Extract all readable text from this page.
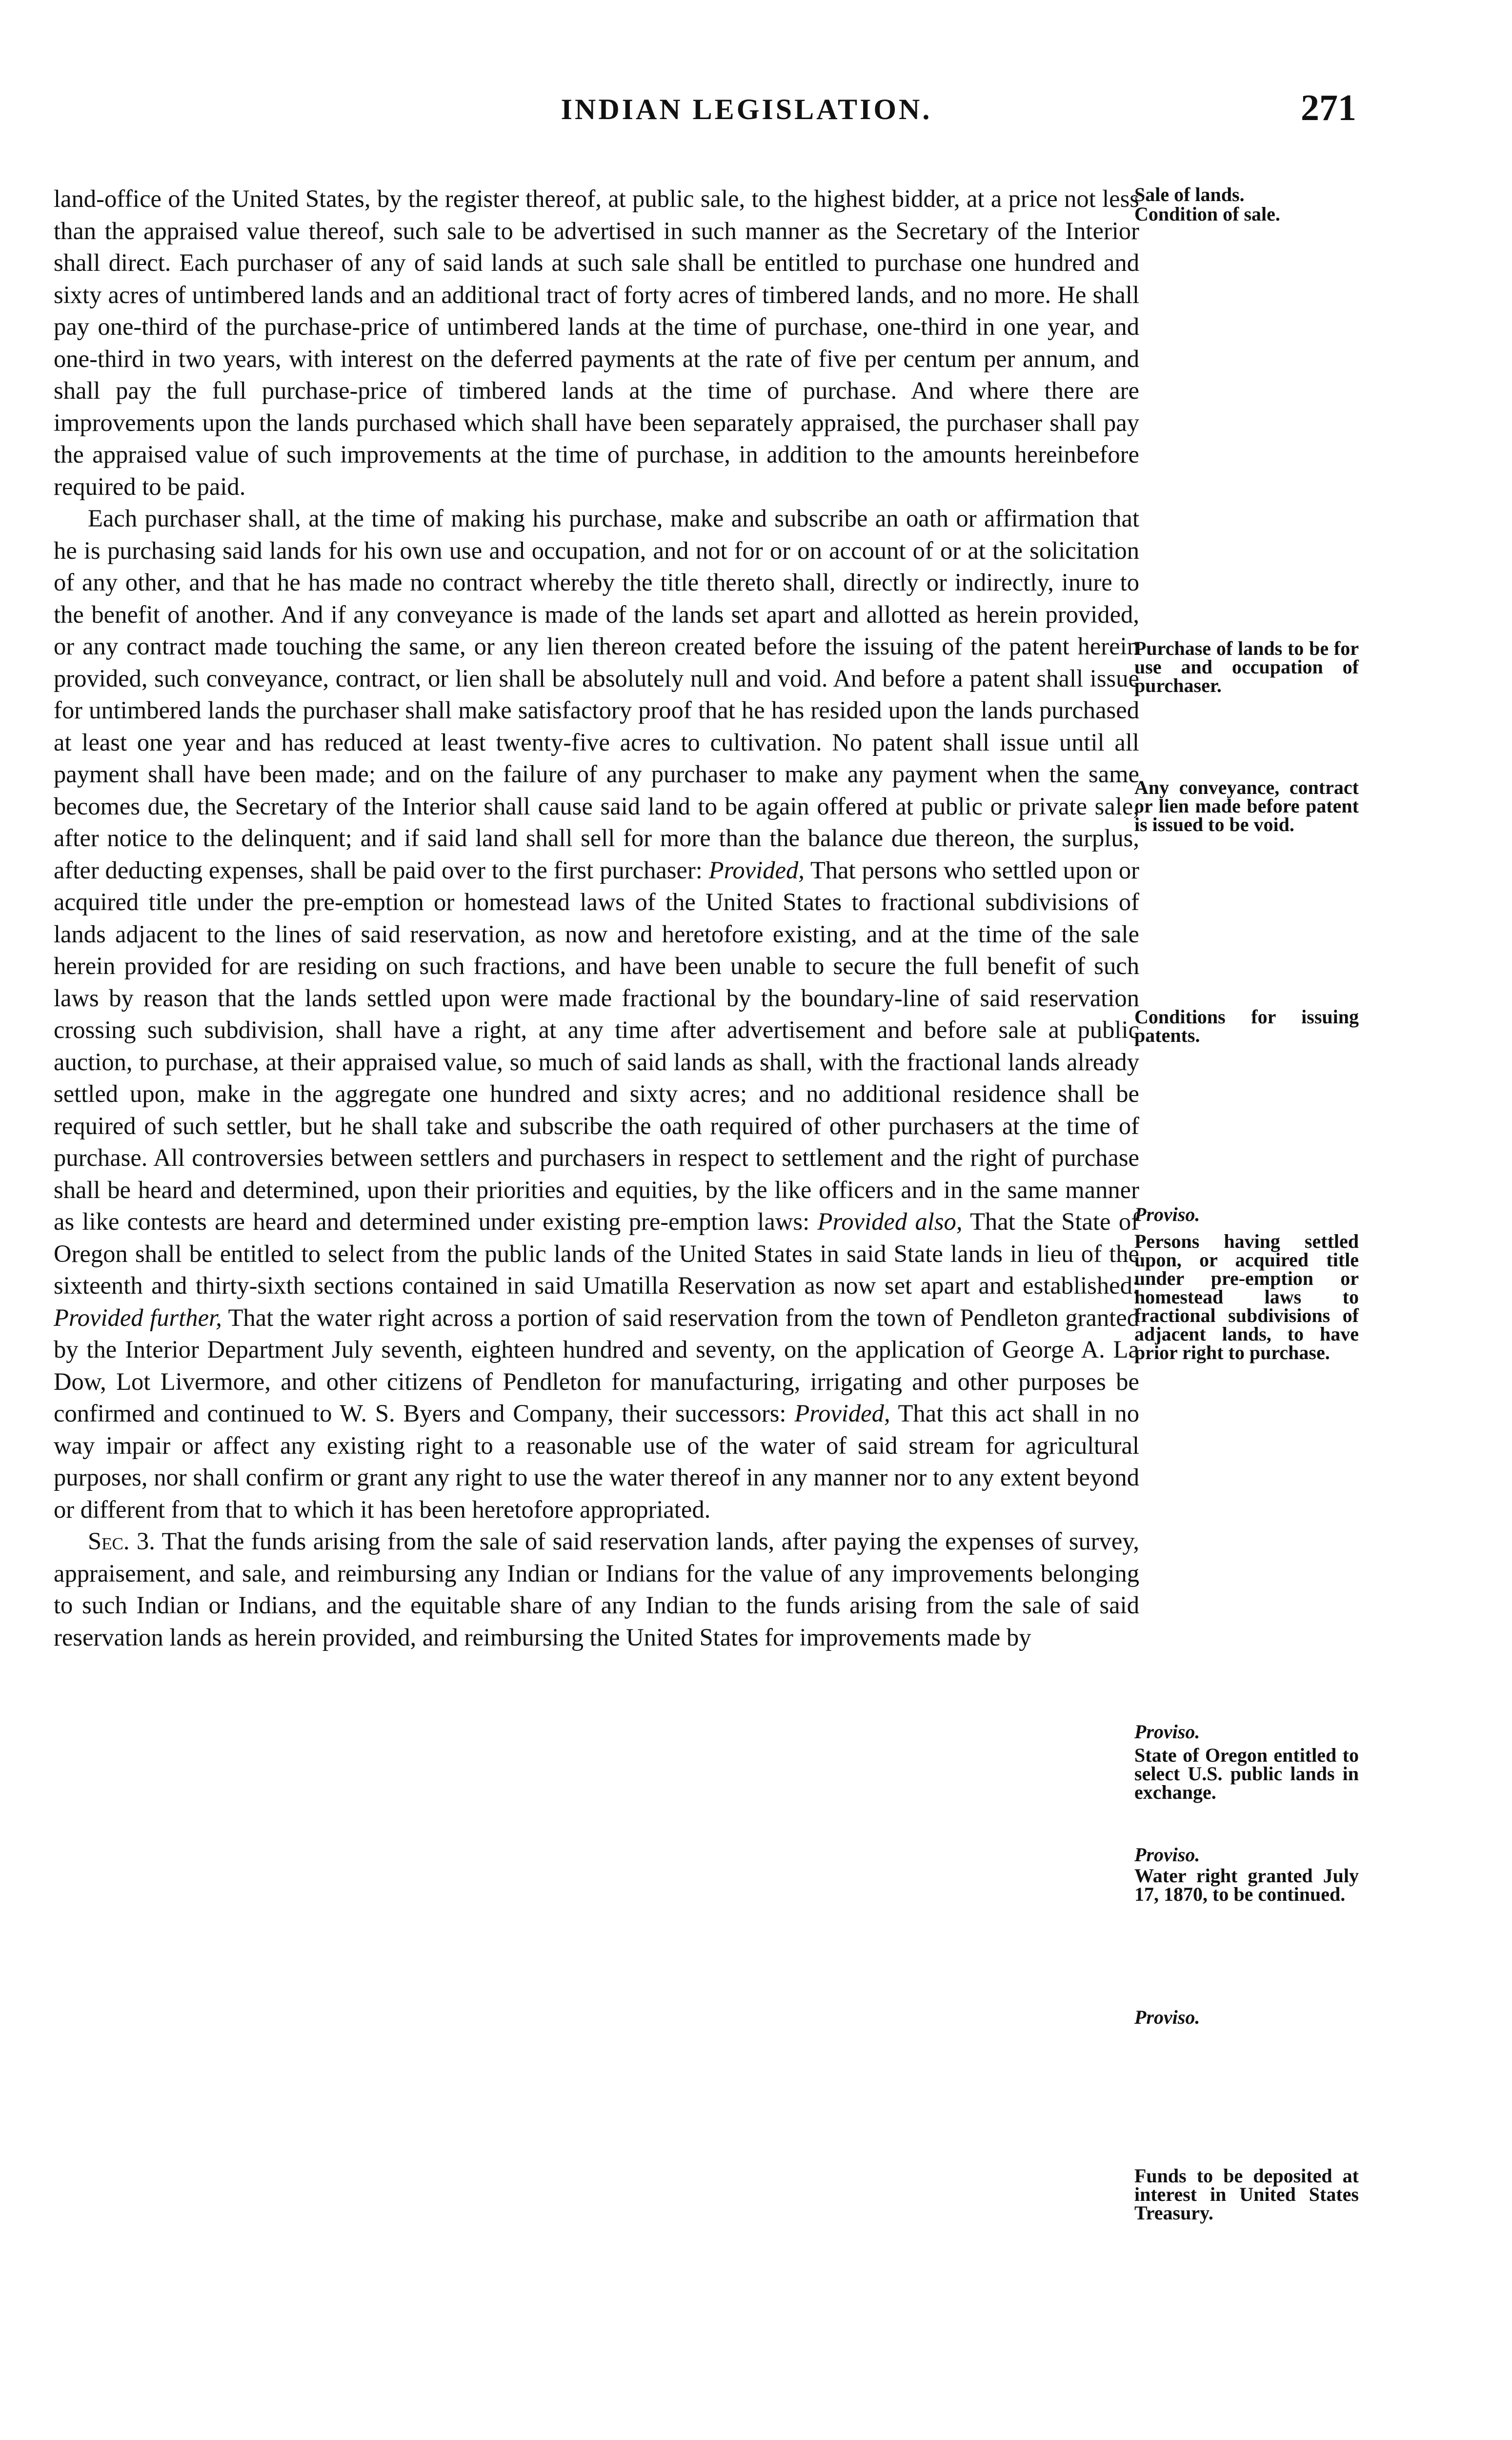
INDIAN LEGISLATION.	271

land-office of the United States, by the register thereof, at public sale, to the highest bidder, at a price not less than the appraised value thereof, such sale to be advertised in such manner as the Secretary of the Interior shall direct. Each purchaser of any of said lands at such sale shall be entitled to purchase one hundred and sixty acres of untimbered lands and an additional tract of forty acres of timbered lands, and no more. He shall pay one-third of the purchase-price of untimbered lands at the time of purchase, one-third in one year, and one-third in two years, with interest on the deferred payments at the rate of five per centum per annum, and shall pay the full purchase-price of timbered lands at the time of purchase. And where there are improvements upon the lands purchased which shall have been separately appraised, the purchaser shall pay the appraised value of such improvements at the time of purchase, in addition to the amounts hereinbefore required to be paid.

Each purchaser shall, at the time of making his purchase, make and subscribe an oath or affirmation that he is purchasing said lands for his own use and occupation, and not for or on account of or at the solicitation of any other, and that he has made no contract whereby the title thereto shall, directly or indirectly, inure to the benefit of another. And if any conveyance is made of the lands set apart and allotted as herein provided, or any contract made touching the same, or any lien thereon created before the issuing of the patent herein provided, such conveyance, contract, or lien shall be absolutely null and void. And before a patent shall issue for untimbered lands the purchaser shall make satisfactory proof that he has resided upon the lands purchased at least one year and has reduced at least twenty-five acres to cultivation. No patent shall issue until all payment shall have been made; and on the failure of any purchaser to make any payment when the same becomes due, the Secretary of the Interior shall cause said land to be again offered at public or private sale, after notice to the delinquent; and if said land shall sell for more than the balance due thereon, the surplus, after deducting expenses, shall be paid over to the first purchaser: Provided, That persons who settled upon or acquired title under the pre-emption or homestead laws of the United States to fractional subdivisions of lands adjacent to the lines of said reservation, as now and heretofore existing, and at the time of the sale herein provided for are residing on such fractions, and have been unable to secure the full benefit of such laws by reason that the lands settled upon were made fractional by the boundary-line of said reservation crossing such subdivision, shall have a right, at any time after advertisement and before sale at public auction, to purchase, at their appraised value, so much of said lands as shall, with the fractional lands already settled upon, make in the aggregate one hundred and sixty acres; and no additional residence shall be required of such settler, but he shall take and subscribe the oath required of other purchasers at the time of purchase. All controversies between settlers and purchasers in respect to settlement and the right of purchase shall be heard and determined, upon their priorities and equities, by the like officers and in the same manner as like contests are heard and determined under existing pre-emption laws: Provided also, That the State of Oregon shall be entitled to select from the public lands of the United States in said State lands in lieu of the sixteenth and thirty-sixth sections contained in said Umatilla Reservation as now set apart and established: Provided further, That the water right across a portion of said reservation from the town of Pendleton granted by the Interior Department July seventh, eighteen hundred and seventy, on the application of George A. La Dow, Lot Livermore, and other citizens of Pendleton for manufacturing, irrigating and other purposes be confirmed and continued to W. S. Byers and Company, their successors: Provided, That this act shall in no way impair or affect any existing right to a reasonable use of the water of said stream for agricultural purposes, nor shall confirm or grant any right to use the water thereof in any manner nor to any extent beyond or different from that to which it has been heretofore appropriated.

Sec. 3. That the funds arising from the sale of said reservation lands, after paying the expenses of survey, appraisement, and sale, and reimbursing any Indian or Indians for the value of any improvements belonging to such Indian or Indians, and the equitable share of any Indian to the funds arising from the sale of said reservation lands as herein provided, and reimbursing the United States for improvements made by

Sale of lands.
Condition of sale.
Purchase of lands to be for use and occupation of purchaser.
Any conveyance, contract or lien made before patent is issued to be void.
Conditions for issuing patents.
Proviso.
Persons having settled upon, or acquired title under pre-emption or homestead laws to fractional subdivisions of adjacent lands, to have prior right to purchase.
Proviso.
State of Oregon entitled to select U.S. public lands in exchange.
Proviso.
Water right granted July 17, 1870, to be continued.
Proviso.
Funds to be deposited at interest in United States Treasury.
